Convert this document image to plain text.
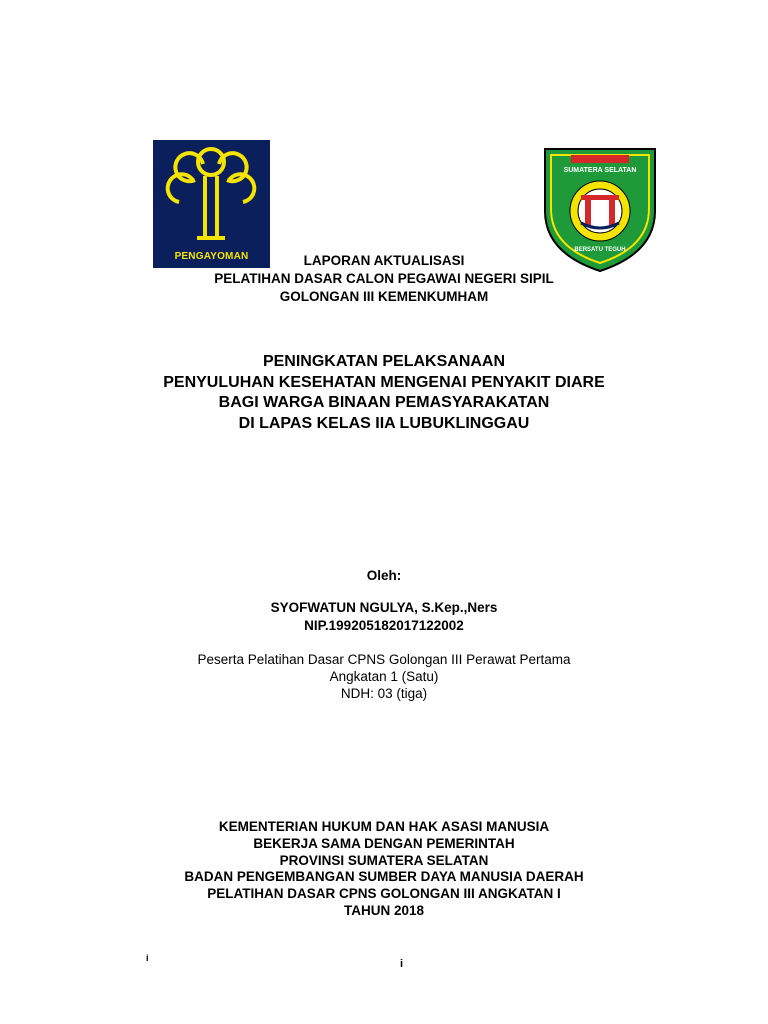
PENGAYOMAN
SUMATERA SELATAN
BERSATU TEGUH
LAPORAN AKTUALISASI
PELATIHAN DASAR CALON PEGAWAI NEGERI SIPIL
GOLONGAN III KEMENKUMHAM
PENINGKATAN PELAKSANAAN
PENYULUHAN KESEHATAN MENGENAI PENYAKIT DIARE
BAGI WARGA BINAAN PEMASYARAKATAN
DI LAPAS KELAS IIA LUBUKLINGGAU
Oleh:
SYOFWATUN NGULYA, S.Kep.,Ners
NIP.199205182017122002
Peserta Pelatihan Dasar CPNS Golongan III Perawat Pertama
Angkatan 1 (Satu)
NDH: 03 (tiga)
KEMENTERIAN HUKUM DAN HAK ASASI MANUSIA
BEKERJA SAMA DENGAN PEMERINTAH
PROVINSI SUMATERA SELATAN
BADAN PENGEMBANGAN SUMBER DAYA MANUSIA DAERAH
PELATIHAN DASAR CPNS GOLONGAN III ANGKATAN I
TAHUN 2018
i	i
